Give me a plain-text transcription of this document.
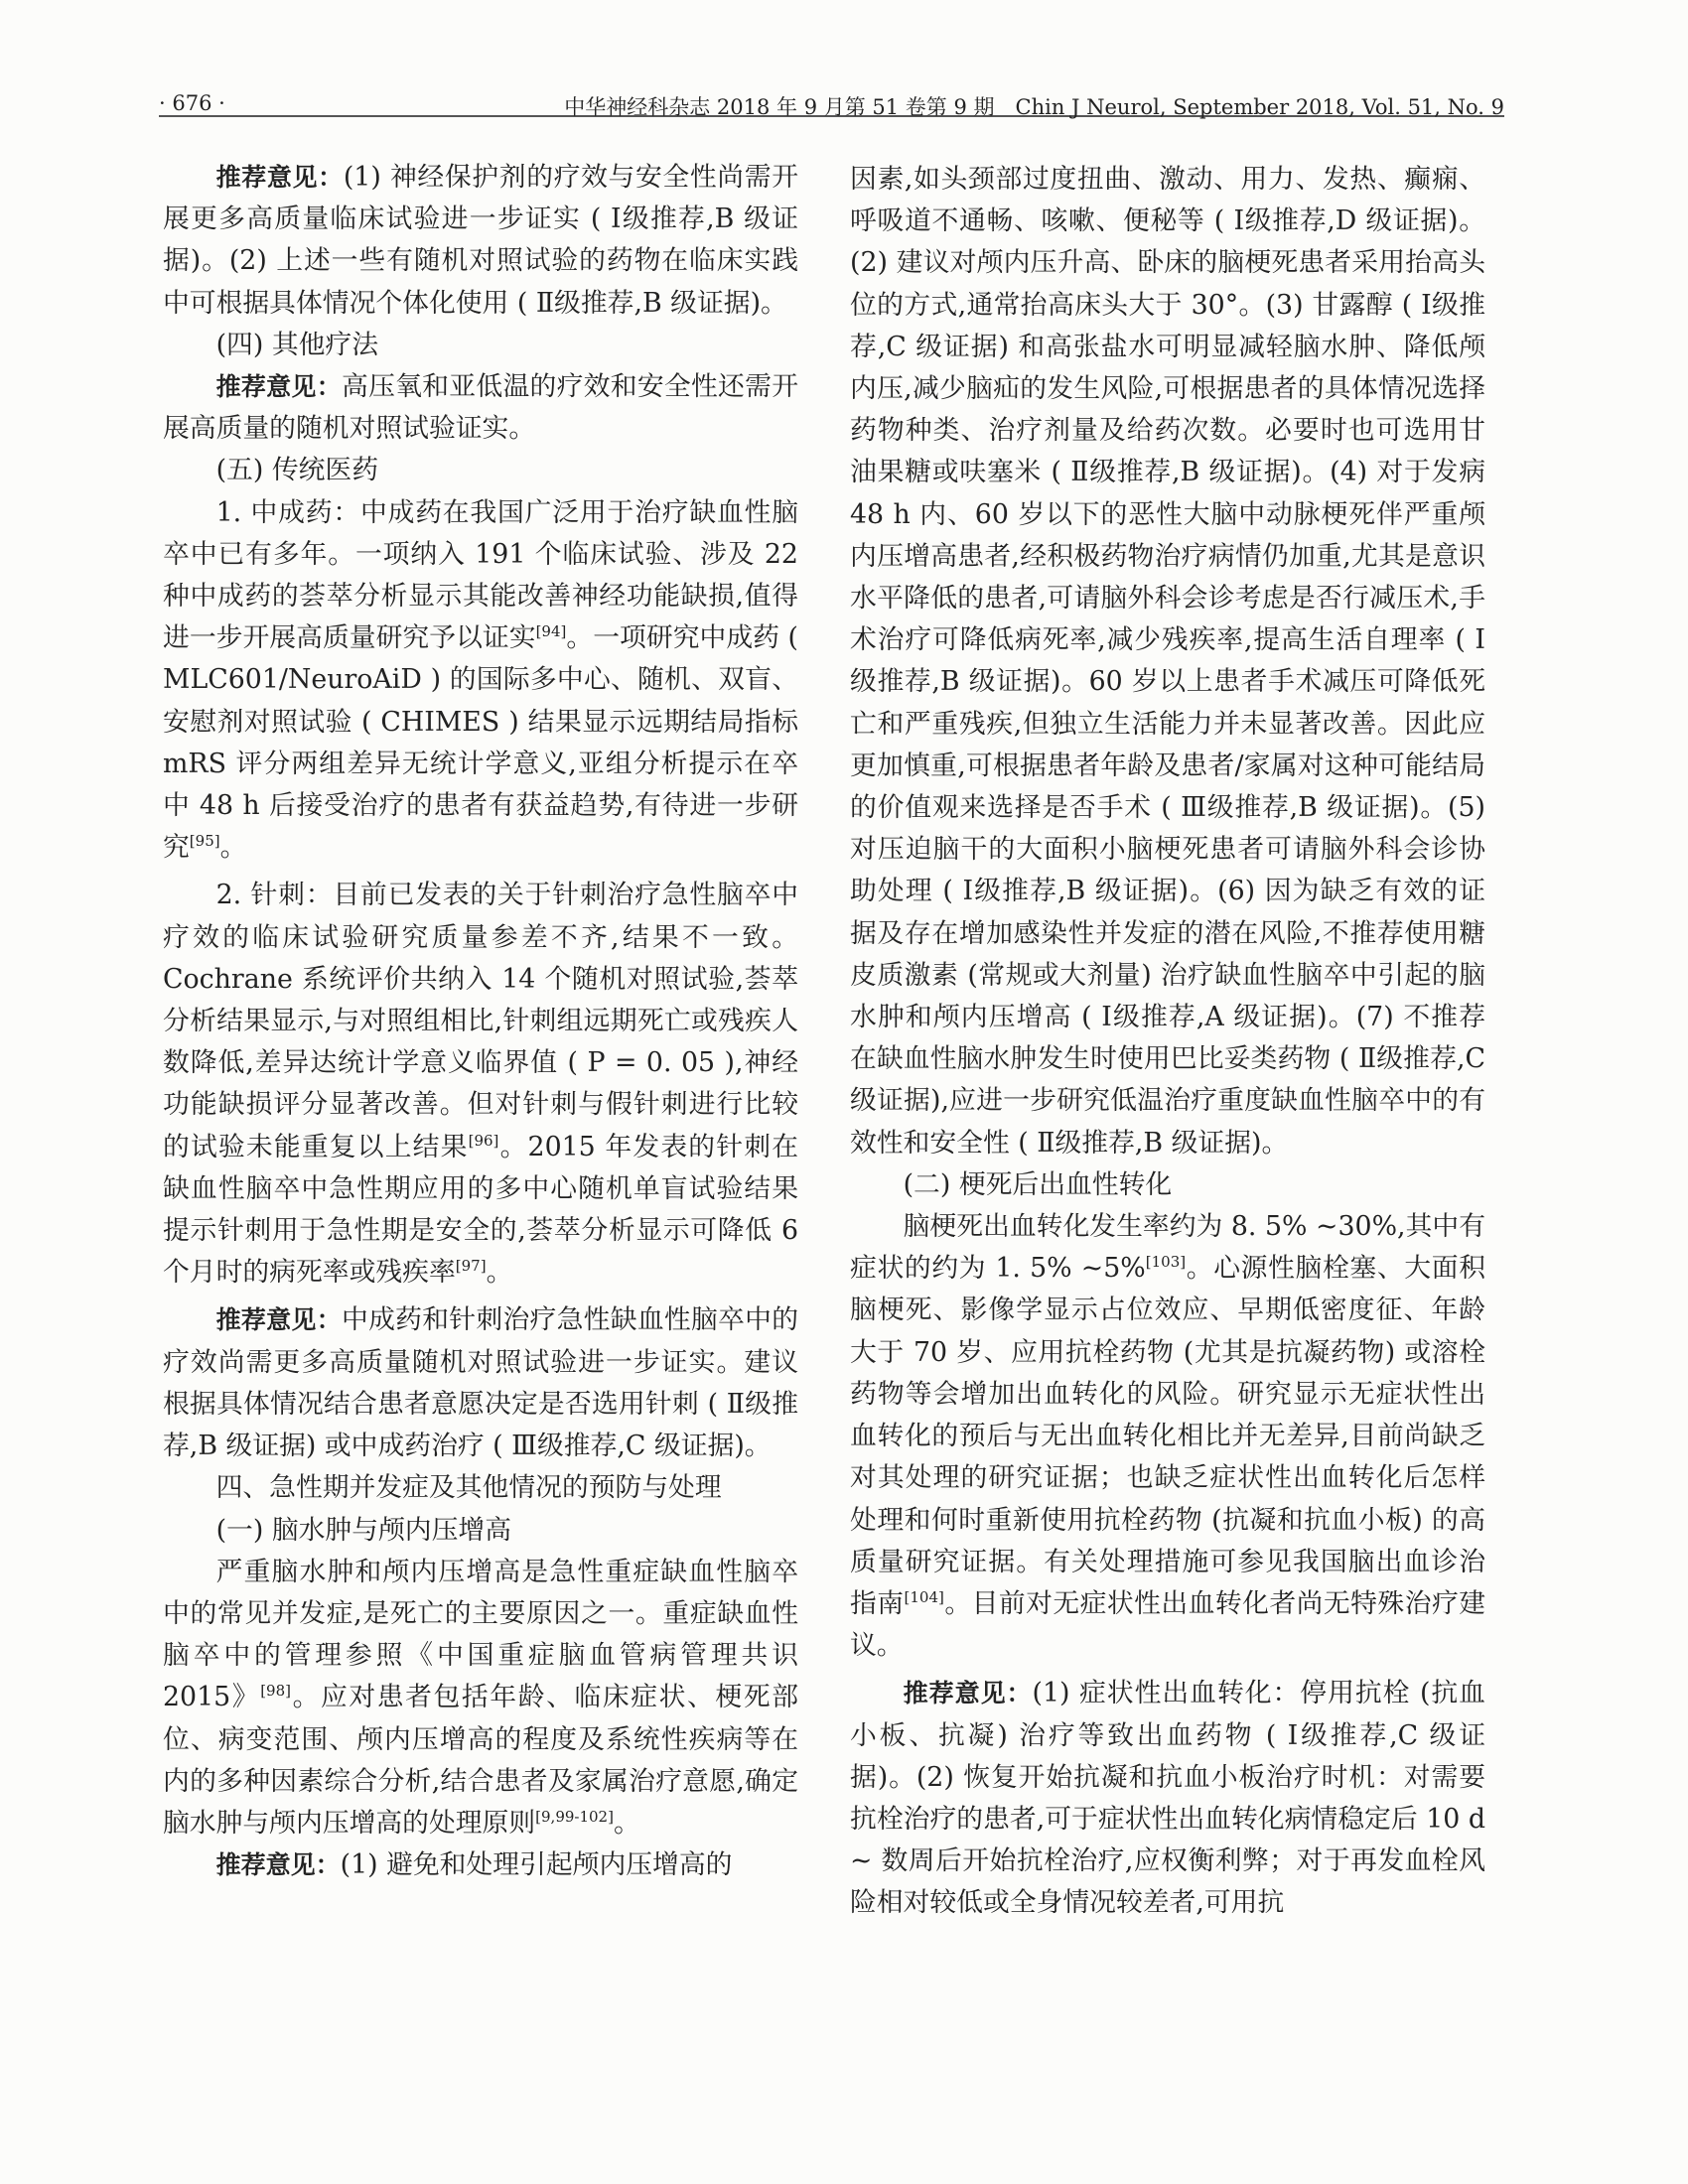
· 676 ·	中华神经科杂志 2018 年 9 月第 51 卷第 9 期　Chin J Neurol, September 2018, Vol. 51, No. 9

推荐意见：(1) 神经保护剂的疗效与安全性尚需开展更多高质量临床试验进一步证实 ( Ⅰ级推荐,B 级证据)。(2) 上述一些有随机对照试验的药物在临床实践中可根据具体情况个体化使用 ( Ⅱ级推荐,B 级证据)。

(四) 其他疗法

推荐意见：高压氧和亚低温的疗效和安全性还需开展高质量的随机对照试验证实。

(五) 传统医药

1. 中成药：中成药在我国广泛用于治疗缺血性脑卒中已有多年。一项纳入 191 个临床试验、涉及 22 种中成药的荟萃分析显示其能改善神经功能缺损,值得进一步开展高质量研究予以证实[94]。一项研究中成药 ( MLC601/NeuroAiD ) 的国际多中心、随机、双盲、安慰剂对照试验 ( CHIMES ) 结果显示远期结局指标 mRS 评分两组差异无统计学意义,亚组分析提示在卒中 48 h 后接受治疗的患者有获益趋势,有待进一步研究[95]。

2. 针刺：目前已发表的关于针刺治疗急性脑卒中疗效的临床试验研究质量参差不齐,结果不一致。Cochrane 系统评价共纳入 14 个随机对照试验,荟萃分析结果显示,与对照组相比,针刺组远期死亡或残疾人数降低,差异达统计学意义临界值 ( P = 0. 05 ),神经功能缺损评分显著改善。但对针刺与假针刺进行比较的试验未能重复以上结果[96]。2015 年发表的针刺在缺血性脑卒中急性期应用的多中心随机单盲试验结果提示针刺用于急性期是安全的,荟萃分析显示可降低 6 个月时的病死率或残疾率[97]。

推荐意见：中成药和针刺治疗急性缺血性脑卒中的疗效尚需更多高质量随机对照试验进一步证实。建议根据具体情况结合患者意愿决定是否选用针刺 ( Ⅱ级推荐,B 级证据) 或中成药治疗 ( Ⅲ级推荐,C 级证据)。

四、急性期并发症及其他情况的预防与处理

(一) 脑水肿与颅内压增高

严重脑水肿和颅内压增高是急性重症缺血性脑卒中的常见并发症,是死亡的主要原因之一。重症缺血性脑卒中的管理参照《中国重症脑血管病管理共识 2015》[98]。应对患者包括年龄、临床症状、梗死部位、病变范围、颅内压增高的程度及系统性疾病等在内的多种因素综合分析,结合患者及家属治疗意愿,确定脑水肿与颅内压增高的处理原则[9,99-102]。

推荐意见：(1) 避免和处理引起颅内压增高的

因素,如头颈部过度扭曲、激动、用力、发热、癫痫、呼吸道不通畅、咳嗽、便秘等 ( Ⅰ级推荐,D 级证据)。(2) 建议对颅内压升高、卧床的脑梗死患者采用抬高头位的方式,通常抬高床头大于 30°。(3) 甘露醇 ( Ⅰ级推荐,C 级证据) 和高张盐水可明显减轻脑水肿、降低颅内压,减少脑疝的发生风险,可根据患者的具体情况选择药物种类、治疗剂量及给药次数。必要时也可选用甘油果糖或呋塞米 ( Ⅱ级推荐,B 级证据)。(4) 对于发病 48 h 内、60 岁以下的恶性大脑中动脉梗死伴严重颅内压增高患者,经积极药物治疗病情仍加重,尤其是意识水平降低的患者,可请脑外科会诊考虑是否行减压术,手术治疗可降低病死率,减少残疾率,提高生活自理率 ( Ⅰ级推荐,B 级证据)。60 岁以上患者手术减压可降低死亡和严重残疾,但独立生活能力并未显著改善。因此应更加慎重,可根据患者年龄及患者/家属对这种可能结局的价值观来选择是否手术 ( Ⅲ级推荐,B 级证据)。(5) 对压迫脑干的大面积小脑梗死患者可请脑外科会诊协助处理 ( Ⅰ级推荐,B 级证据)。(6) 因为缺乏有效的证据及存在增加感染性并发症的潜在风险,不推荐使用糖皮质激素 (常规或大剂量) 治疗缺血性脑卒中引起的脑水肿和颅内压增高 ( Ⅰ级推荐,A 级证据)。(7) 不推荐在缺血性脑水肿发生时使用巴比妥类药物 ( Ⅱ级推荐,C 级证据),应进一步研究低温治疗重度缺血性脑卒中的有效性和安全性 ( Ⅱ级推荐,B 级证据)。

(二) 梗死后出血性转化

脑梗死出血转化发生率约为 8. 5% ~30%,其中有症状的约为 1. 5% ~5%[103]。心源性脑栓塞、大面积脑梗死、影像学显示占位效应、早期低密度征、年龄大于 70 岁、应用抗栓药物 (尤其是抗凝药物) 或溶栓药物等会增加出血转化的风险。研究显示无症状性出血转化的预后与无出血转化相比并无差异,目前尚缺乏对其处理的研究证据；也缺乏症状性出血转化后怎样处理和何时重新使用抗栓药物 (抗凝和抗血小板) 的高质量研究证据。有关处理措施可参见我国脑出血诊治指南[104]。目前对无症状性出血转化者尚无特殊治疗建议。

推荐意见：(1) 症状性出血转化：停用抗栓 (抗血小板、抗凝) 治疗等致出血药物 ( Ⅰ级推荐,C 级证据)。(2) 恢复开始抗凝和抗血小板治疗时机：对需要抗栓治疗的患者,可于症状性出血转化病情稳定后 10 d ~ 数周后开始抗栓治疗,应权衡利弊；对于再发血栓风险相对较低或全身情况较差者,可用抗
